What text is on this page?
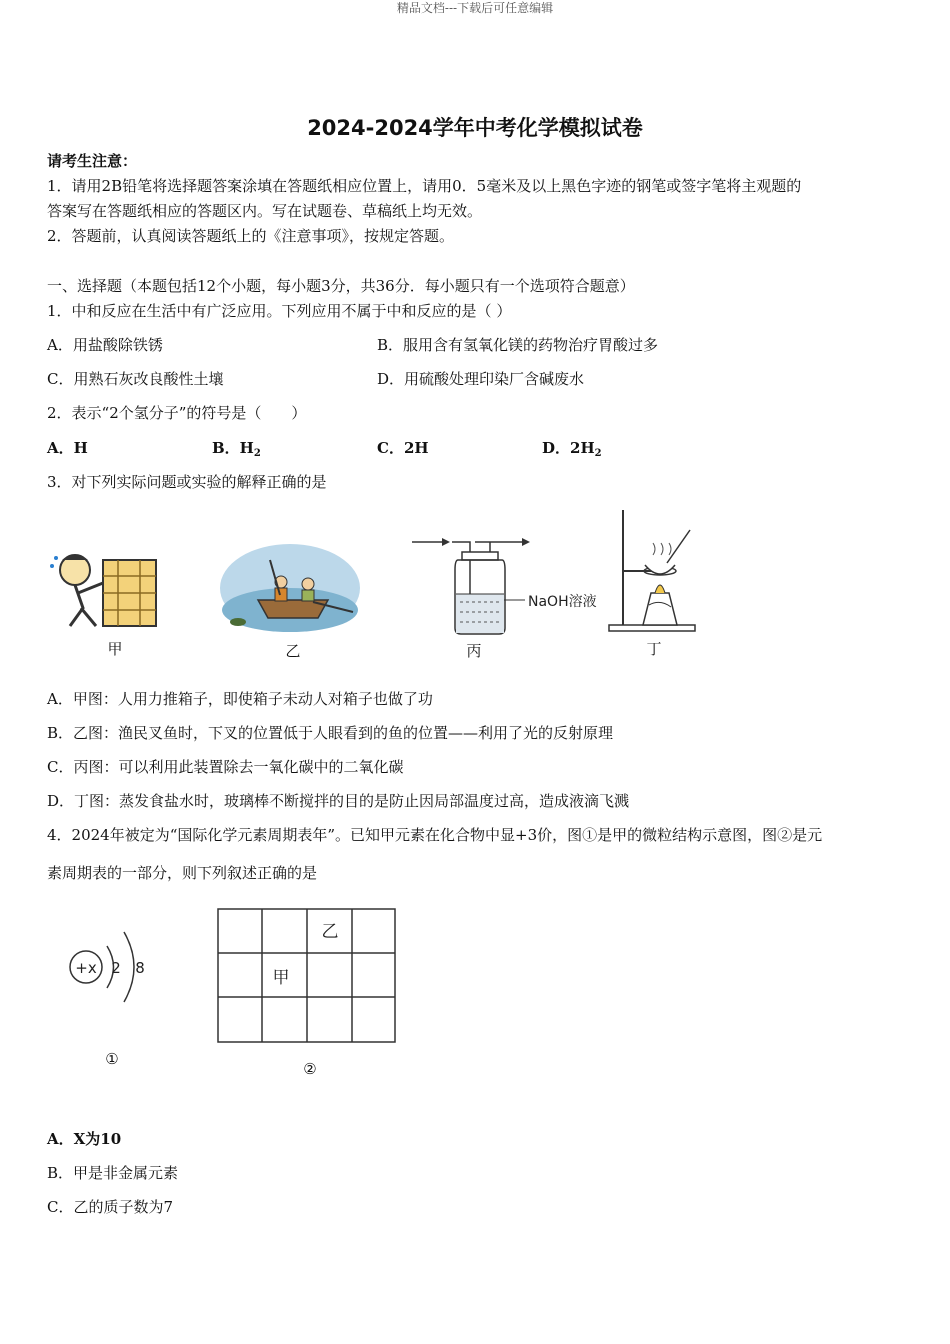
精品文档---下载后可任意编辑
2024-2024学年中考化学模拟试卷
请考生注意：
1．请用2B铅笔将选择题答案涂填在答题纸相应位置上，请用0．5毫米及以上黑色字迹的钢笔或签字笔将主观题的
答案写在答题纸相应的答题区内。写在试题卷、草稿纸上均无效。
2．答题前，认真阅读答题纸上的《注意事项》，按规定答题。
一、选择题（本题包括12个小题，每小题3分，共36分．每小题只有一个选项符合题意）
1．中和反应在生活中有广泛应用。下列应用不属于中和反应的是（ ）
A．用盐酸除铁锈	B．服用含有氢氧化镁的药物治疗胃酸过多
C．用熟石灰改良酸性土壤	D．用硫酸处理印染厂含碱废水
2．表示“2个氢分子”的符号是（　　）
A．H	B．$H_2$	C．2H	D．$2H_2$
3．对下列实际问题或实验的解释正确的是
甲	乙
NaOH溶液
丙	丁
A．甲图：人用力推箱子，即使箱子未动人对箱子也做了功
B．乙图：渔民叉鱼时，下叉的位置低于人眼看到的鱼的位置——利用了光的反射原理
C．丙图：可以利用此装置除去一氧化碳中的二氧化碳
D．丁图：蒸发食盐水时，玻璃棒不断搅拌的目的是防止因局部温度过高，造成液滴飞溅
4．2024年被定为“国际化学元素周期表年”。已知甲元素在化合物中显+3价，图①是甲的微粒结构示意图，图②是元
素周期表的一部分，则下列叙述正确的是
+x 2 8
①
乙
甲
②
A．X为10
B．甲是非金属元素
C．乙的质子数为7
